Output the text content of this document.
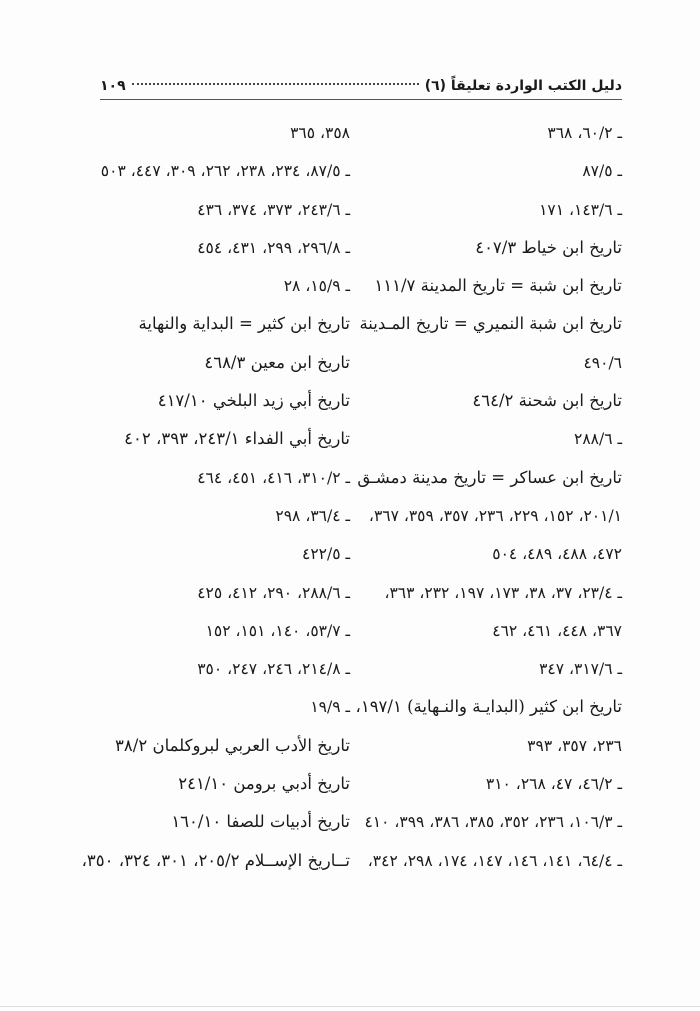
دليل الكتب الواردة تعليقاً (٦)
١٠٩
ـ ٦٠/٢، ٣٦٨
ـ ٨٧/٥
ـ ١٤٣/٦، ١٧١
تاريخ ابن خياط ٤٠٧/٣
تاريخ ابن شبة = تاريخ المدينة ١١١/٧
تاريخ ابن شبة النميري = تاريخ المـدينة
٤٩٠/٦
تاريخ ابن شحنة ٤٦٤/٢
ـ ٢٨٨/٦
تاريخ ابن عساكر = تاريخ مدينة دمشـق
٢٠١/١، ١٥٢، ٢٢٩، ٢٣٦، ٣٥٧، ٣٥٩، ٣٦٧،
٤٧٢، ٤٨٨، ٤٨٩، ٥٠٤
ـ ٢٣/٤، ٣٧، ٣٨، ١٧٣، ١٩٧، ٢٣٢، ٣٦٣،
٣٦٧، ٤٤٨، ٤٦١، ٤٦٢
ـ ٣١٧/٦، ٣٤٧
تاريخ ابن كثير (البدايـة والنـهاية) ١٩٧/١،
٢٣٦، ٣٥٧، ٣٩٣
ـ ٤٦/٢، ٤٧، ٢٦٨، ٣١٠
ـ ١٠٦/٣، ٢٣٦، ٣٥٢، ٣٨٥، ٣٨٦، ٣٩٩، ٤١٠
ـ ٦٤/٤، ١٤١، ١٤٦، ١٤٧، ١٧٤، ٢٩٨، ٣٤٢،
٣٥٨، ٣٦٥
ـ ٨٧/٥، ٢٣٤، ٢٣٨، ٢٦٢، ٣٠٩، ٤٤٧، ٥٠٣
ـ ٢٤٣/٦، ٣٧٣، ٣٧٤، ٤٣٦
ـ ٢٩٦/٨، ٢٩٩، ٤٣١، ٤٥٤
ـ ١٥/٩، ٢٨
تاريخ ابن كثير = البداية والنهاية
تاريخ ابن معين ٤٦٨/٣
تاريخ أبي زيد البلخي ٤١٧/١٠
تاريخ أبي الفداء ٢٤٣/١، ٣٩٣، ٤٠٢
ـ ٣١٠/٢، ٤١٦، ٤٥١، ٤٦٤
ـ ٣٦/٤، ٢٩٨
ـ ٤٢٢/٥
ـ ٢٨٨/٦، ٢٩٠، ٤١٢، ٤٢٥
ـ ٥٣/٧، ١٤٠، ١٥١، ١٥٢
ـ ٢١٤/٨، ٢٤٦، ٢٤٧، ٣٥٠
ـ ١٩/٩
تاريخ الأدب العربي لبروكلمان ٣٨/٢
تاريخ أدبي برومن ٢٤١/١٠
تاريخ أدبيات للصفا ١٦٠/١٠
تــاريخ الإســلام ٢٠٥/٢، ٣٠١، ٣٢٤، ٣٥٠،
